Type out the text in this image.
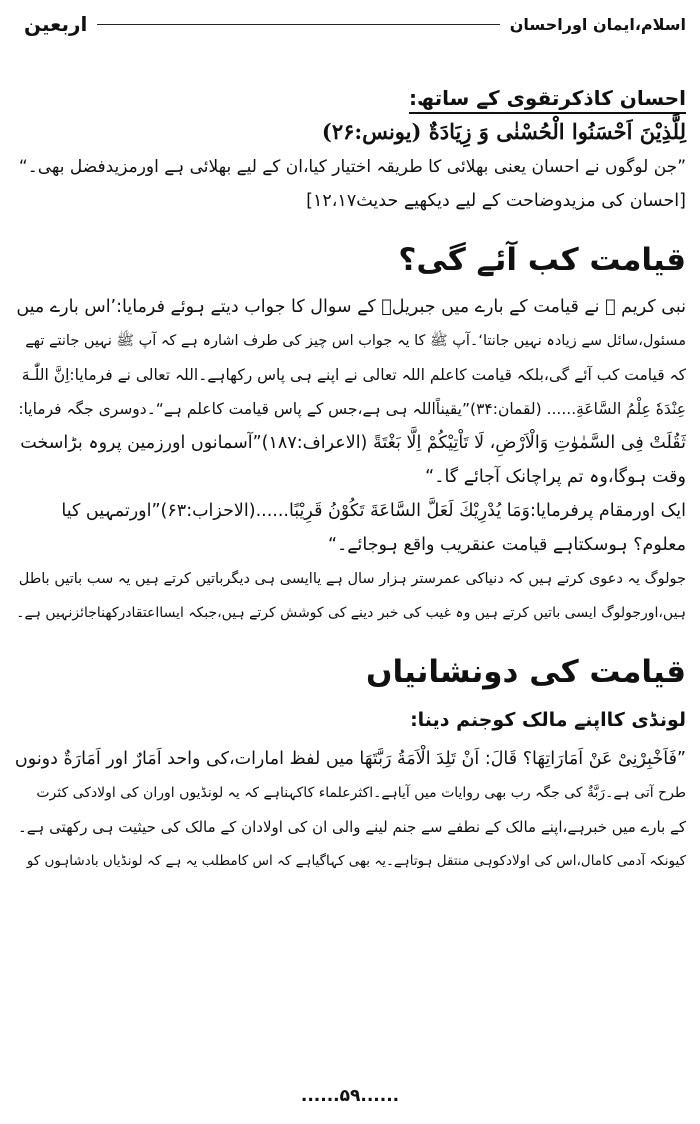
اسلام،ایمان اوراحسان
اربعین
احسان کاذکرتقوی کے ساتھ:
لِلَّذِيْنَ اَحْسَنُوا الْحُسْنٰى وَ زِيَادَةٌ (یونس:۲۶)
”جن لوگوں نے احسان یعنی بھلائی کا طریقہ اختیار کیا،ان کے لیے بھلائی ہے اورمزیدفضل بھی۔“
[احسان کی مزیدوضاحت کے لیے دیکھیے حدیث۱۲،۱۷]
قیامت کب آئے گی؟
نبی کریم ﷺ نے قیامت کے بارے میں جبریلؑ کے سوال کا جواب دیتے ہوئے فرمایا:’اس بارے میں
مسئول،سائل سے زیادہ نہیں جانتا‘۔آپ ﷺ کا یہ جواب اس چیز کی طرف اشارہ ہے کہ آپ ﷺ نہیں جانتے تھے
کہ قیامت کب آئے گی،بلکہ قیامت کاعلم اللہ تعالی نے اپنے ہی پاس رکھاہے۔اللہ تعالی نے فرمایا:اِنَّ اللّٰـهَ
عِنْدَهٗ عِلْمُ السَّاعَةِ...... (لقمان:۳۴)”یقیناًاللہ ہی ہے،جس کے پاس قیامت کاعلم ہے“۔دوسری جگہ فرمایا:
ثَقُلَتْ فِى السَّمٰوٰتِ وَالْاَرْضِ، لَا تَاْتِيْكُمْ اِلَّا بَغْتَةً (الاعراف:۱۸۷)”آسمانوں اورزمین پروہ بڑاسخت
وقت ہوگا،وہ تم پراچانک آجائے گا۔“
ایک اورمقام پرفرمایا:وَمَا يُدْرِيْكَ لَعَلَّ السَّاعَةَ تَكُوْنُ قَرِيْبًا......(الاحزاب:۶۳)”اورتمہیں کیا
معلوم؟ ہوسکتاہے قیامت عنقریب واقع ہوجائے۔“
جولوگ یہ دعوی کرتے ہیں کہ دنیاکی عمرستر ہزار سال ہے یاایسی ہی دیگرباتیں کرتے ہیں یہ سب باتیں باطل
ہیں،اورجولوگ ایسی باتیں کرتے ہیں وہ غیب کی خبر دینے کی کوشش کرتے ہیں،جبکہ ایسااعتقادرکھناجائزنہیں ہے۔
قیامت کی دونشانیاں
لونڈی کااپنے مالک کوجنم دینا:
”فَاَخْبِرْنِیْ عَنْ اَمَارَاتِهَا؟ قَالَ: اَنْ تَلِدَ الْاَمَةُ رَبَّتَهَا میں لفظ امارات،کی واحد اَمَارٌ اور اَمَارَةٌ دونوں
طرح آتی ہے۔رَبَّةٌ کی جگہ رب بھی روایات میں آیاہے۔اکثرعلماء کاکہناہے کہ یہ لونڈیوں اوران کی اولادکی کثرت
کے بارے میں خبرہے،اپنے مالک کے نطفے سے جنم لینے والی ان کی اولادان کے مالک کی حیثیت ہی رکھتی ہے۔
کیونکہ آدمی کامال،اس کی اولادکوہی منتقل ہوتاہے۔یہ بھی کہاگیاہے کہ اس کامطلب یہ ہے کہ لونڈیاں بادشاہوں کو
......۵۹......
